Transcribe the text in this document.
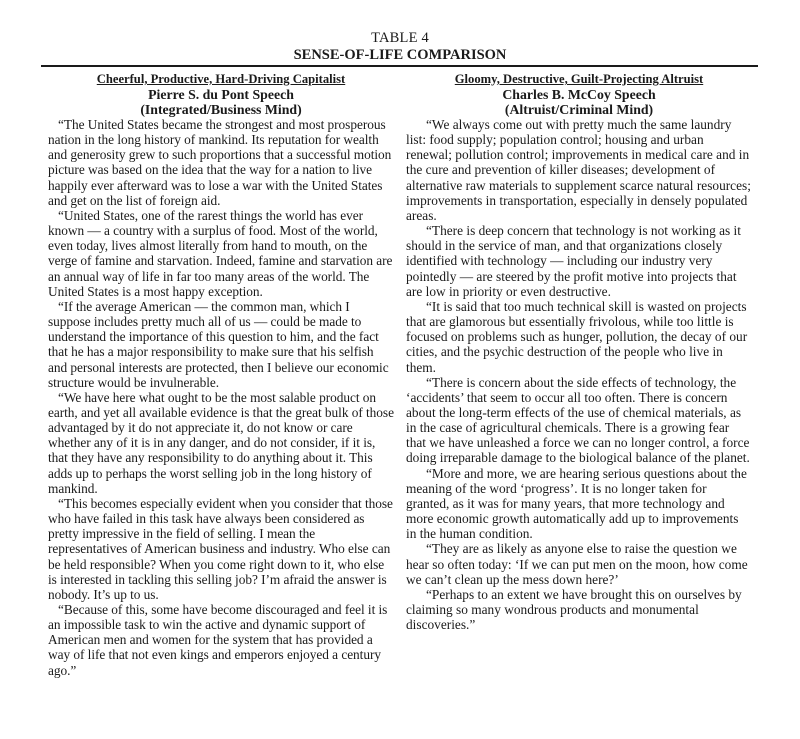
TABLE 4
SENSE-OF-LIFE COMPARISON
Cheerful, Productive, Hard-Driving Capitalist
Pierre S. du Pont Speech
(Integrated/Business Mind)

“The United States became the strongest and most prosperous nation in the long history of mankind. Its reputation for wealth and generosity grew to such proportions that a successful motion picture was based on the idea that the way for a nation to live happily ever afterward was to lose a war with the United States and get on the list of foreign aid.

“United States, one of the rarest things the world has ever known — a country with a surplus of food. Most of the world, even today, lives almost literally from hand to mouth, on the verge of famine and starvation. Indeed, famine and starvation are an annual way of life in far too many areas of the world. The United States is a most happy exception.

“If the average American — the common man, which I suppose includes pretty much all of us — could be made to understand the importance of this question to him, and the fact that he has a major responsibility to make sure that his selfish and personal interests are protected, then I believe our economic structure would be invulnerable.

“We have here what ought to be the most salable product on earth, and yet all available evidence is that the great bulk of those advantaged by it do not appreciate it, do not know or care whether any of it is in any danger, and do not consider, if it is, that they have any responsibility to do anything about it. This adds up to perhaps the worst selling job in the long history of mankind.

“This becomes especially evident when you consider that those who have failed in this task have always been considered as pretty impressive in the field of selling. I mean the representatives of American business and industry. Who else can be held responsible? When you come right down to it, who else is interested in tackling this selling job? I’m afraid the answer is nobody. It’s up to us.

“Because of this, some have become discouraged and feel it is an impossible task to win the active and dynamic support of American men and women for the system that has provided a way of life that not even kings and emperors enjoyed a century ago.”

Gloomy, Destructive, Guilt-Projecting Altruist
Charles B. McCoy Speech
(Altruist/Criminal Mind)

“We always come out with pretty much the same laundry list: food supply; population control; housing and urban renewal; pollution control; improvements in medical care and in the cure and prevention of killer diseases; development of alternative raw materials to supplement scarce natural resources; improvements in transportation, especially in densely populated areas.

“There is deep concern that technology is not working as it should in the service of man, and that organizations closely identified with technology — including our industry very pointedly — are steered by the profit motive into projects that are low in priority or even destructive.

“It is said that too much technical skill is wasted on projects that are glamorous but essentially frivolous, while too little is focused on problems such as hunger, pollution, the decay of our cities, and the psychic destruction of the people who live in them.

“There is concern about the side effects of technology, the ‘accidents’ that seem to occur all too often. There is concern about the long-term effects of the use of chemical materials, as in the case of agricultural chemicals. There is a growing fear that we have unleashed a force we can no longer control, a force doing irreparable damage to the biological balance of the planet.

“More and more, we are hearing serious questions about the meaning of the word ‘progress’. It is no longer taken for granted, as it was for many years, that more technology and more economic growth automatically add up to improvements in the human condition.

“They are as likely as anyone else to raise the question we hear so often today: ‘If we can put men on the moon, how come we can’t clean up the mess down here?’

“Perhaps to an extent we have brought this on ourselves by claiming so many wondrous products and monumental discoveries.”
